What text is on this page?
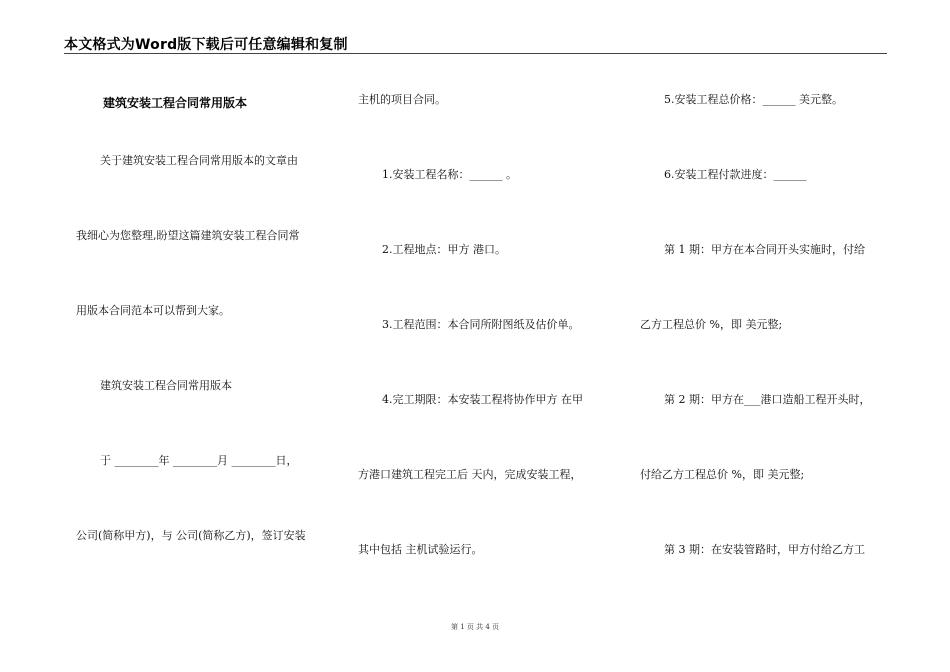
本文格式为Word版下载后可任意编辑和复制
建筑安装工程合同常用版本
关于建筑安装工程合同常用版本的文章由
我细心为您整理,盼望这篇建筑安装工程合同常
用版本合同范本可以帮到大家。
建筑安装工程合同常用版本
于 ________年 ________月 ________日，
公司(简称甲方)，与 公司(简称乙方)，签订安装
主机的项目合同。
1.安装工程名称：______ 。
2.工程地点：甲方 港口。
3.工程范围：本合同所附图纸及估价单。
4.完工期限：本安装工程将协作甲方 在甲
方港口建筑工程完工后 天内，完成安装工程，
其中包括 主机试验运行。
5.安装工程总价格：______ 美元整。
6.安装工程付款进度：______
第 1 期：甲方在本合同开头实施时，付给
乙方工程总价 %，即 美元整;
第 2 期：甲方在___港口造船工程开头时，
付给乙方工程总价 %，即 美元整;
第 3 期：在安装管路时，甲方付给乙方工
第 1 页 共 4 页
